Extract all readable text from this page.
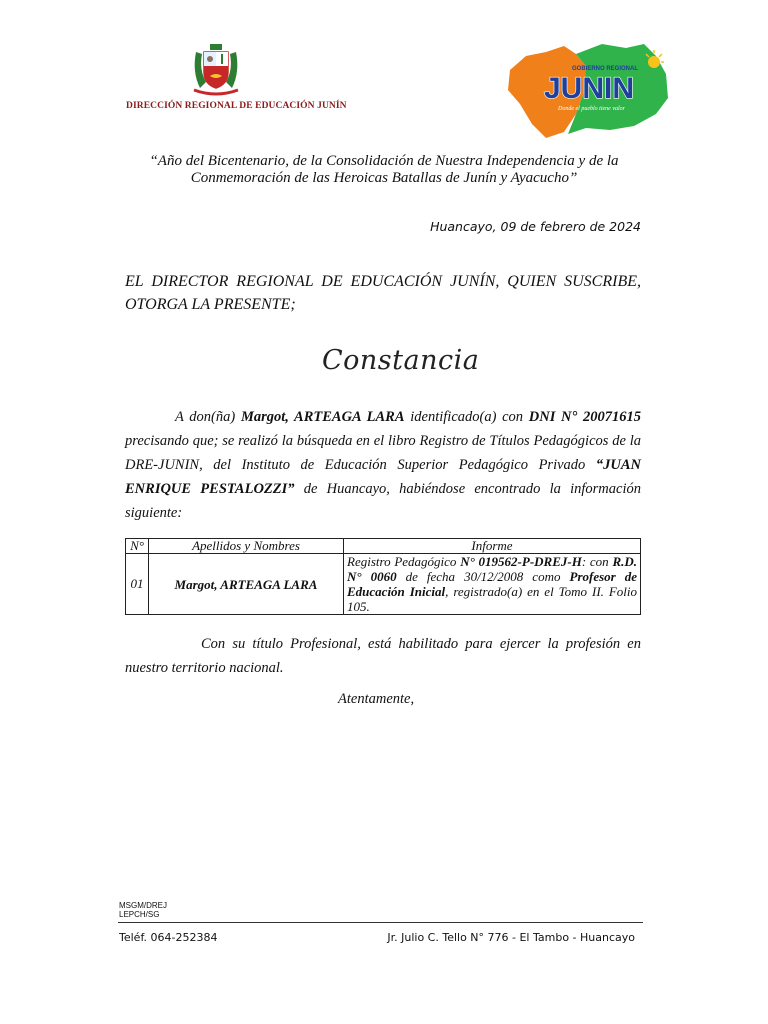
DIRECCIÓN REGIONAL DE EDUCACIÓN JUNÍN
GOBIERNO REGIONAL
JUNIN
Donde el pueblo tiene valor
“Año del Bicentenario, de la Consolidación de Nuestra Independencia y de la
Conmemoración de las Heroicas Batallas de Junín y Ayacucho”
Huancayo, 09 de febrero de 2024
EL DIRECTOR REGIONAL DE EDUCACIÓN JUNÍN, QUIEN SUSCRIBE, OTORGA LA PRESENTE;
Constancia
A don(ña) Margot, ARTEAGA LARA identificado(a) con DNI N° 20071615 precisando que; se realizó la búsqueda en el libro Registro de Títulos Pedagógicos de la DRE-JUNIN, del Instituto de Educación Superior Pedagógico Privado “JUAN ENRIQUE PESTALOZZI” de Huancayo, habiéndose encontrado la información siguiente:
N°	Apellidos y Nombres	Informe
01	Margot, ARTEAGA LARA	Registro Pedagógico N° 019562-P-DREJ-H: con R.D. N° 0060 de fecha 30/12/2008 como Profesor de Educación Inicial, registrado(a) en el Tomo II. Folio 105.
Con su título Profesional, está habilitado para ejercer la profesión en nuestro territorio nacional.
Atentamente,
MSGM/DREJ
LEPCH/SG
Teléf. 064-252384	Jr. Julio C. Tello N° 776 - El Tambo - Huancayo
